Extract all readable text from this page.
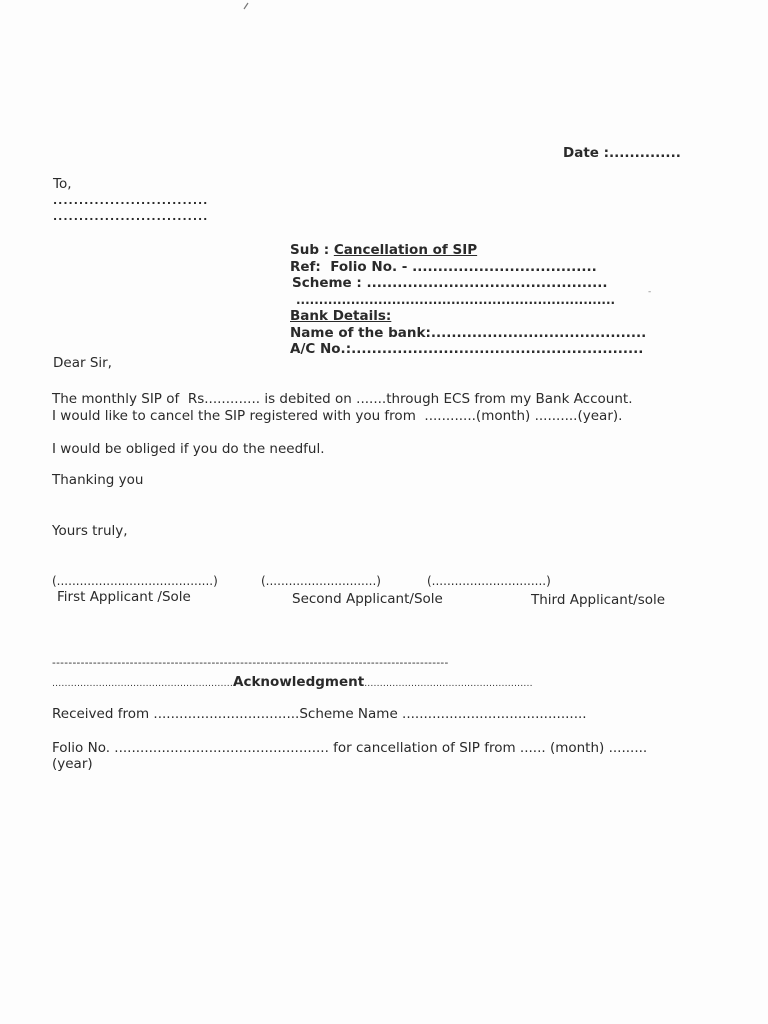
Date :..............
To,
..............................
..............................
Sub : Cancellation of SIP
Ref:  Folio No. - ....................................
Scheme : ...............................................
-
......................................................................
Bank Details:
Name of the bank:..........................................
A/C No.:.........................................................
Dear Sir,
The monthly SIP of  Rs............. is debited on .......through ECS from my Bank Account.
I would like to cancel the SIP registered with you from  ............(month) ..........(year).
I would be obliged if you do the needful.
Thanking you
Yours truly,
(.........................................)	(.............................)	(..............................)
First Applicant /Sole	Second Applicant/Sole	Third Applicant/sole
-------------------------------------------------------------------------------------------------
..........................................................Acknowledgment......................................................
Received from ..................................Scheme Name ...........................................
Folio No. .................................................. for cancellation of SIP from ...... (month) .........
(year)
